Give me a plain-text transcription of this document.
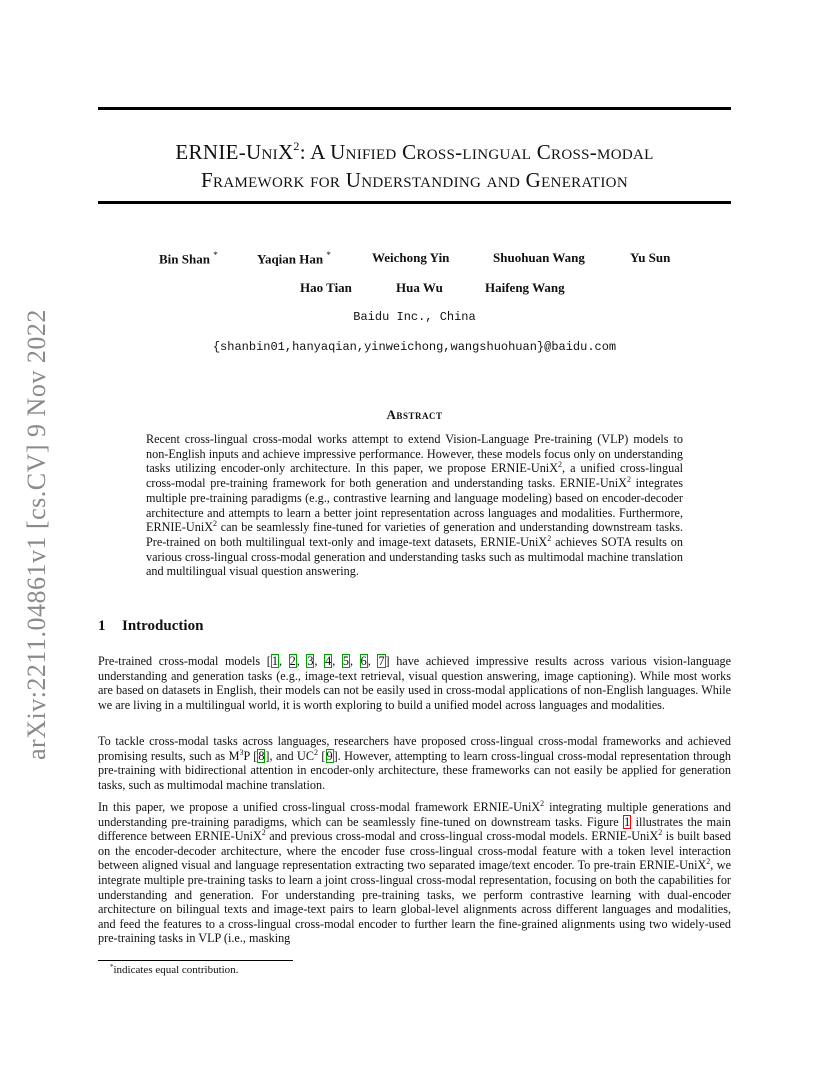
arXiv:2211.04861v1 [cs.CV] 9 Nov 2022
ERNIE-UniX$^2$: A Unified Cross-lingual Cross-modal
Framework for Understanding and Generation
Bin Shan *	Yaqian Han *	Weichong Yin	Shuohuan Wang	Yu Sun
Hao Tian	Hua Wu	Haifeng Wang
Baidu Inc., China
{shanbin01,hanyaqian,yinweichong,wangshuohuan}@baidu.com
Abstract
Recent cross-lingual cross-modal works attempt to extend Vision-Language Pre-training (VLP) models to non-English inputs and achieve impressive performance. However, these models focus only on understanding tasks utilizing encoder-only architecture. In this paper, we propose ERNIE-UniX$^2$, a unified cross-lingual cross-modal pre-training framework for both generation and understanding tasks. ERNIE-UniX$^2$ integrates multiple pre-training paradigms (e.g., contrastive learning and language modeling) based on encoder-decoder architecture and attempts to learn a better joint representation across languages and modalities. Furthermore, ERNIE-UniX$^2$ can be seamlessly fine-tuned for varieties of generation and understanding downstream tasks. Pre-trained on both multilingual text-only and image-text datasets, ERNIE-UniX$^2$ achieves SOTA results on various cross-lingual cross-modal generation and understanding tasks such as multimodal machine translation and multilingual visual question answering.
1 Introduction
Pre-trained cross-modal models [1, 2, 3, 4, 5, 6, 7] have achieved impressive results across various vision-language understanding and generation tasks (e.g., image-text retrieval, visual question answering, image captioning). While most works are based on datasets in English, their models can not be easily used in cross-modal applications of non-English languages. While we are living in a multilingual world, it is worth exploring to build a unified model across languages and modalities.
To tackle cross-modal tasks across languages, researchers have proposed cross-lingual cross-modal frameworks and achieved promising results, such as $M^3P$ [8], and $UC^2$ [9]. However, attempting to learn cross-lingual cross-modal representation through pre-training with bidirectional attention in encoder-only architecture, these frameworks can not easily be applied for generation tasks, such as multimodal machine translation.
In this paper, we propose a unified cross-lingual cross-modal framework ERNIE-UniX$^2$ integrating multiple generations and understanding pre-training paradigms, which can be seamlessly fine-tuned on downstream tasks. Figure 1 illustrates the main difference between ERNIE-UniX$^2$ and previous cross-modal and cross-lingual cross-modal models. ERNIE-UniX$^2$ is built based on the encoder-decoder architecture, where the encoder fuse cross-lingual cross-modal feature with a token level interaction between aligned visual and language representation extracting two separated image/text encoder. To pre-train ERNIE-UniX$^2$, we integrate multiple pre-training tasks to learn a joint cross-lingual cross-modal representation, focusing on both the capabilities for understanding and generation. For understanding pre-training tasks, we perform contrastive learning with dual-encoder architecture on bilingual texts and image-text pairs to learn global-level alignments across different languages and modalities, and feed the features to a cross-lingual cross-modal encoder to further learn the fine-grained alignments using two widely-used pre-training tasks in VLP (i.e., masking
*indicates equal contribution.
